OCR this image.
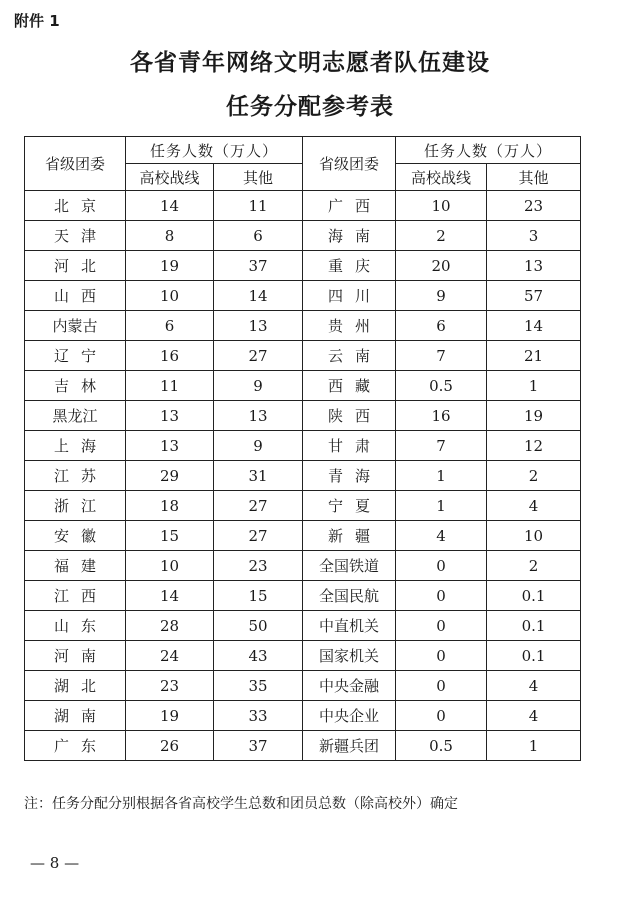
附件 1
各省青年网络文明志愿者队伍建设
任务分配参考表
省级团委	任务人数（万人）		省级团委	任务人数（万人）	
	高校战线	其他		高校战线	其他
北京	14	11	广西	10	23
天津	8	6	海南	2	3
河北	19	37	重庆	20	13
山西	10	14	四川	9	57
内蒙古	6	13	贵州	6	14
辽宁	16	27	云南	7	21
吉林	11	9	西藏	0.5	1
黑龙江	13	13	陕西	16	19
上海	13	9	甘肃	7	12
江苏	29	31	青海	1	2
浙江	18	27	宁夏	1	4
安徽	15	27	新疆	4	10
福建	10	23	全国铁道	0	2
江西	14	15	全国民航	0	0.1
山东	28	50	中直机关	0	0.1
河南	24	43	国家机关	0	0.1
湖北	23	35	中央金融	0	4
湖南	19	33	中央企业	0	4
广东	26	37	新疆兵团	0.5	1
注：任务分配分别根据各省高校学生总数和团员总数（除高校外）确定
— 8 —
